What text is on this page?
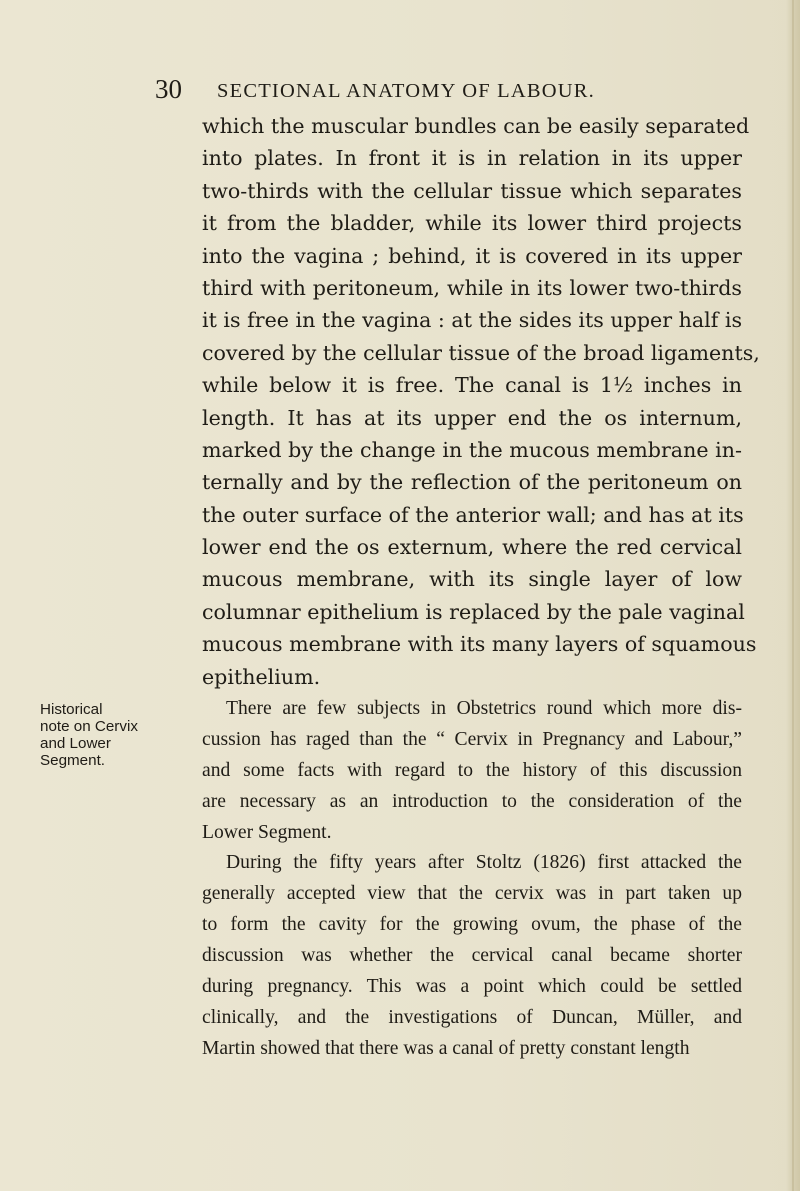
30 SECTIONAL ANATOMY OF LABOUR.
which the muscular bundles can be easily separated
into plates. In front it is in relation in its upper
two-thirds with the cellular tissue which separates
it from the bladder, while its lower third projects
into the vagina ; behind, it is covered in its upper
third with peritoneum, while in its lower two-thirds
it is free in the vagina : at the sides its upper half is
covered by the cellular tissue of the broad ligaments,
while below it is free. The canal is 1½ inches in
length. It has at its upper end the os internum,
marked by the change in the mucous membrane in-
ternally and by the reflection of the peritoneum on
the outer surface of the anterior wall; and has at its
lower end the os externum, where the red cervical
mucous membrane, with its single layer of low
columnar epithelium is replaced by the pale vaginal
mucous membrane with its many layers of squamous
epithelium.
Historical
note on Cervix
and Lower
Segment.
There are few subjects in Obstetrics round which more dis-
cussion has raged than the “ Cervix in Pregnancy and Labour,”
and some facts with regard to the history of this discussion
are necessary as an introduction to the consideration of the
Lower Segment.
During the fifty years after Stoltz (1826) first attacked the
generally accepted view that the cervix was in part taken up
to form the cavity for the growing ovum, the phase of the
discussion was whether the cervical canal became shorter
during pregnancy. This was a point which could be settled
clinically, and the investigations of Duncan, Müller, and
Martin showed that there was a canal of pretty constant length
